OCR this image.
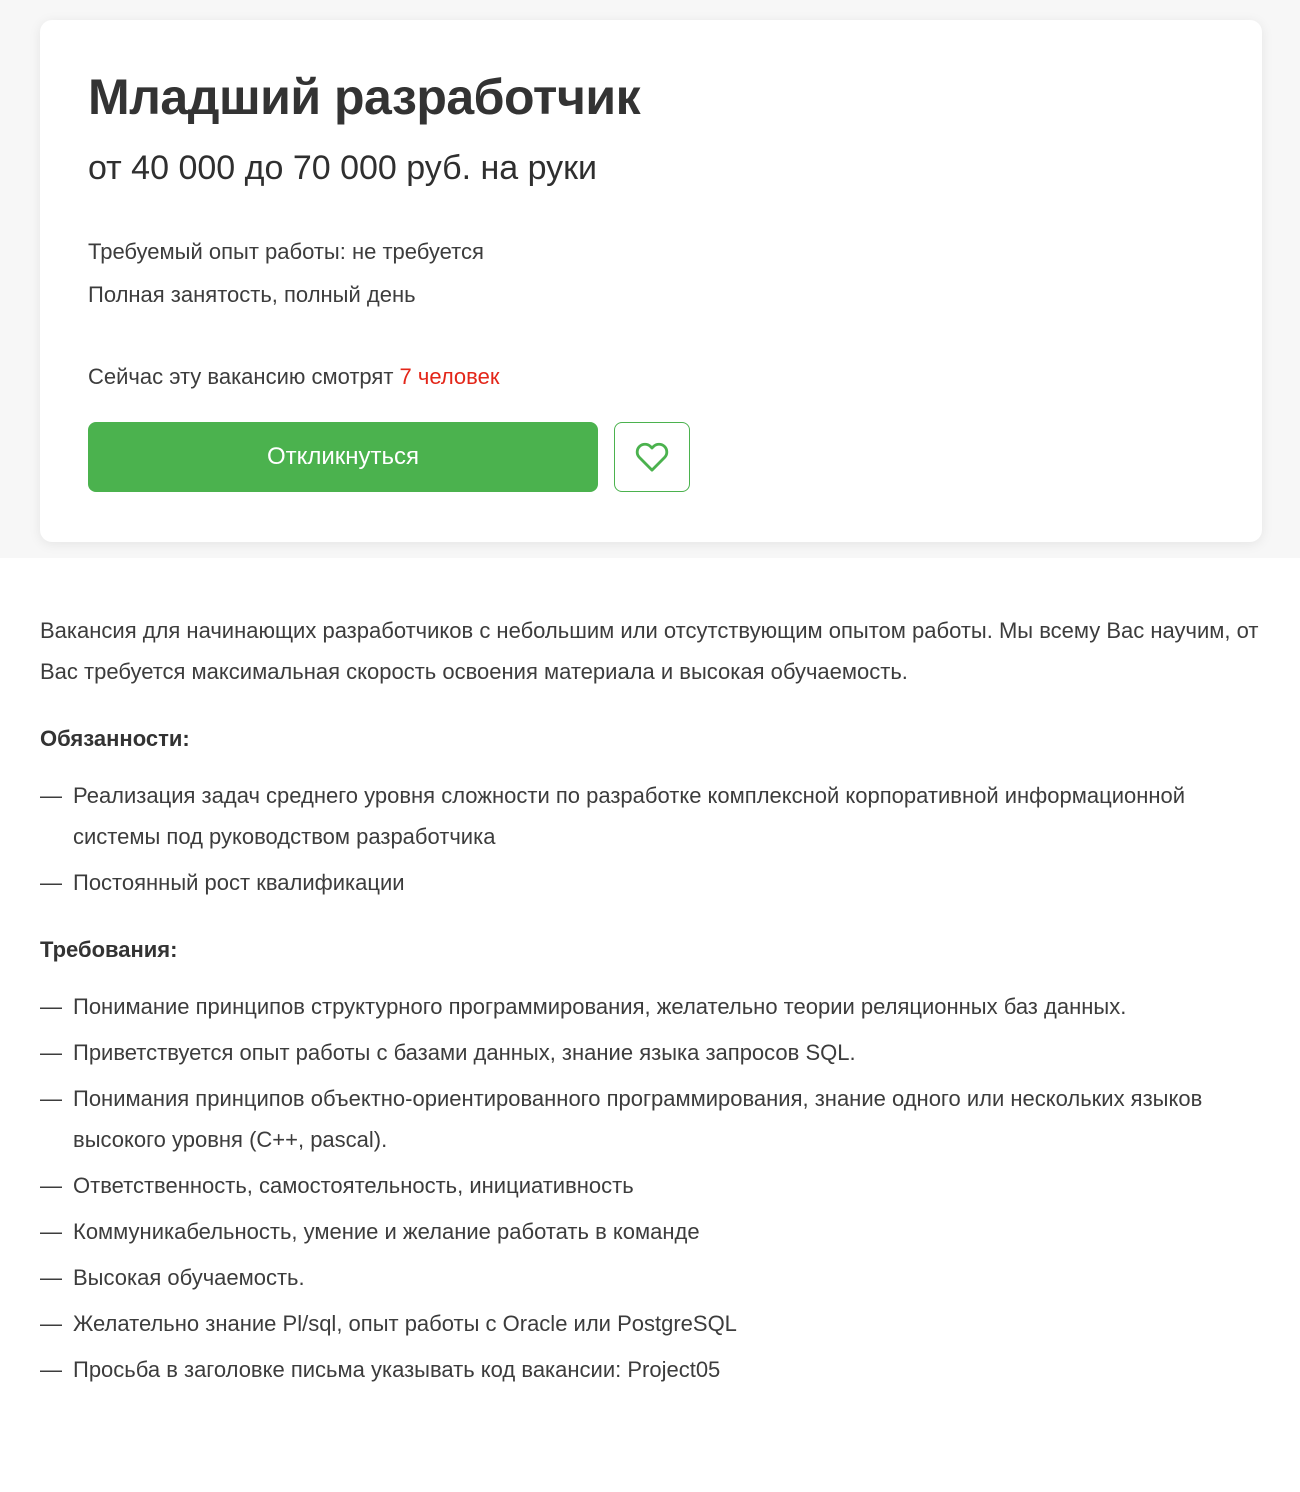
Младший разработчик
от 40 000 до 70 000 руб. на руки
Требуемый опыт работы: не требуется
Полная занятость, полный день
Сейчас эту вакансию смотрят 7 человек
Откликнуться

Вакансия для начинающих разработчиков с небольшим или отсутствующим опытом работы. Мы всему Вас научим, от Вас требуется максимальная скорость освоения материала и высокая обучаемость.

Обязанности:
— Реализация задач среднего уровня сложности по разработке комплексной корпоративной информационной системы под руководством разработчика
— Постоянный рост квалификации
Требования:
— Понимание принципов структурного программирования, желательно теории реляционных баз данных.
— Приветствуется опыт работы с базами данных, знание языка запросов SQL.
— Понимания принципов объектно-ориентированного программирования, знание одного или нескольких языков высокого уровня (C++, pascal).
— Ответственность, самостоятельность, инициативность
— Коммуникабельность, умение и желание работать в команде
— Высокая обучаемость.
— Желательно знание Pl/sql, опыт работы с Oracle или PostgreSQL
— Просьба в заголовке письма указывать код вакансии: Project05
